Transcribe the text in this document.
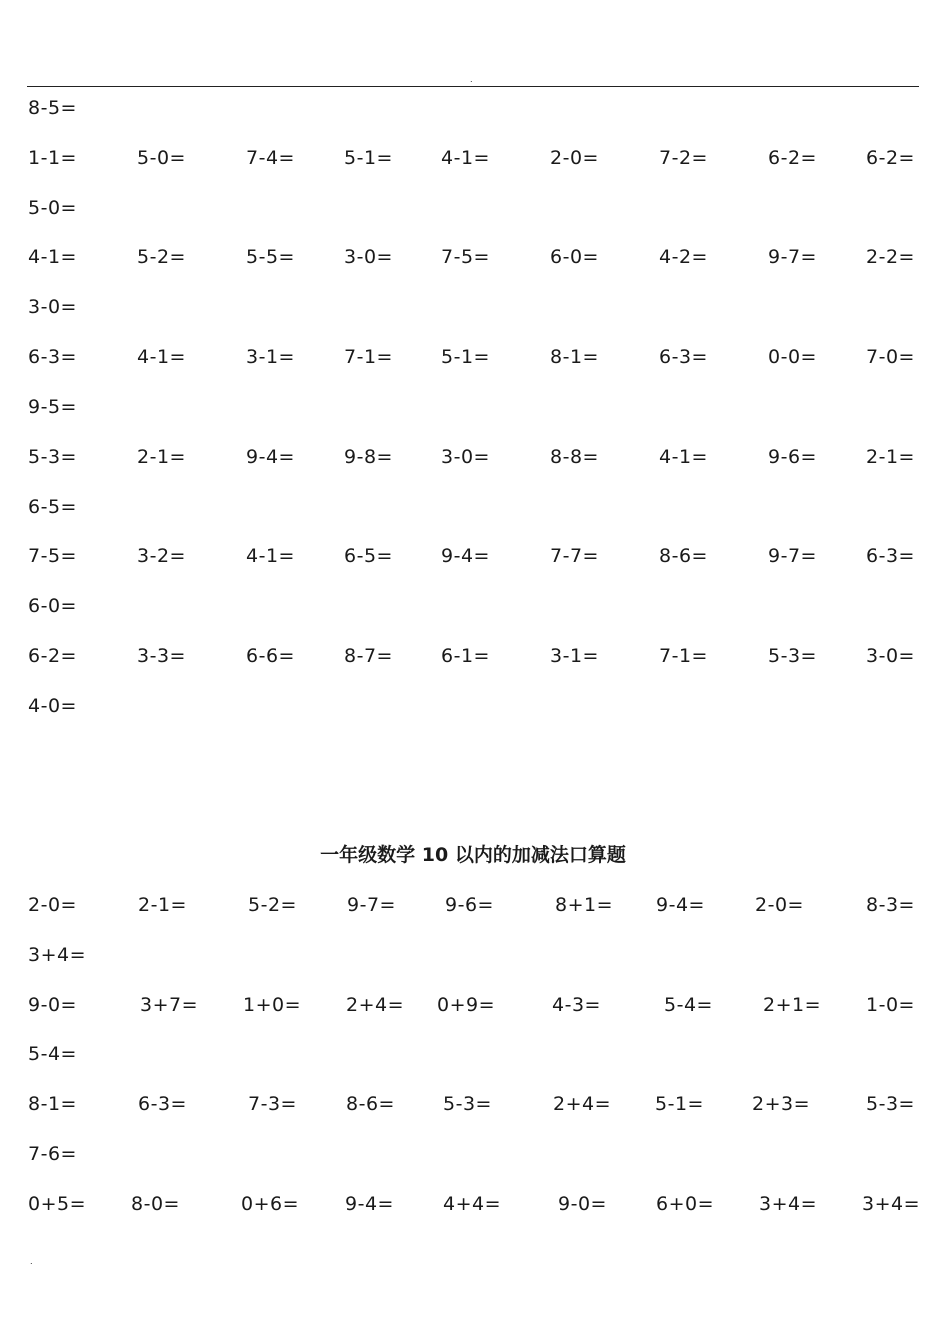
.
8-5=
1-1=	5-0=	7-4=	5-1=	4-1=	2-0=	7-2=	6-2=	6-2=
5-0=
4-1=	5-2=	5-5=	3-0=	7-5=	6-0=	4-2=	9-7=	2-2=
3-0=
6-3=	4-1=	3-1=	7-1=	5-1=	8-1=	6-3=	0-0=	7-0=
9-5=
5-3=	2-1=	9-4=	9-8=	3-0=	8-8=	4-1=	9-6=	2-1=
6-5=
7-5=	3-2=	4-1=	6-5=	9-4=	7-7=	8-6=	9-7=	6-3=
6-0=
6-2=	3-3=	6-6=	8-7=	6-1=	3-1=	7-1=	5-3=	3-0=
4-0=
一年级数学 10 以内的加减法口算题
2-0=	2-1=	5-2=	9-7=	9-6=	8+1= 9-4=	2-0=	8-3=
3+4=
9-0=	3+7= 1+0= 2+4= 0+9=	4-3=	5-4=	2+1= 1-0=
5-4=
8-1=	6-3=	7-3=	8-6=	5-3=	2+4= 5-1=	2+3=	5-3=
7-6=
0+5= 8-0=	0+6= 9-4=	4+4=	9-0=	6+0= 3+4= 3+4=
.
